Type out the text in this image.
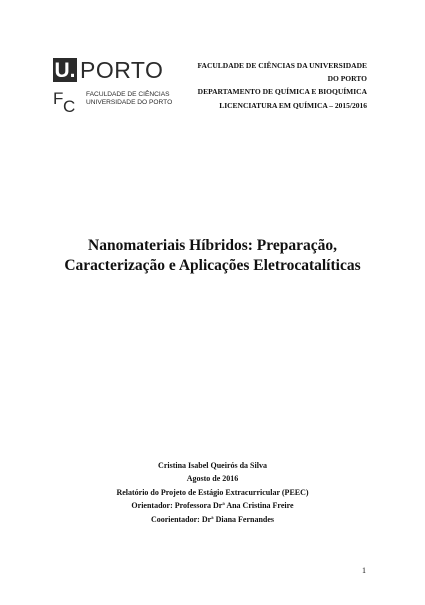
U. PORTO
F C
FACULDADE DE CIÊNCIAS
UNIVERSIDADE DO PORTO
FACULDADE DE CIÊNCIAS DA UNIVERSIDADE
DO PORTO
DEPARTAMENTO DE QUÍMICA E BIOQUÍMICA
LICENCIATURA EM QUÍMICA – 2015/2016
Nanomateriais Híbridos: Preparação,
Caracterização e Aplicações Eletrocatalíticas
Cristina Isabel Queirós da Silva
Agosto de 2016
Relatório do Projeto de Estágio Extracurricular (PEEC)
Orientador: Professora Drª Ana Cristina Freire
Coorientador: Drª Diana Fernandes
1
